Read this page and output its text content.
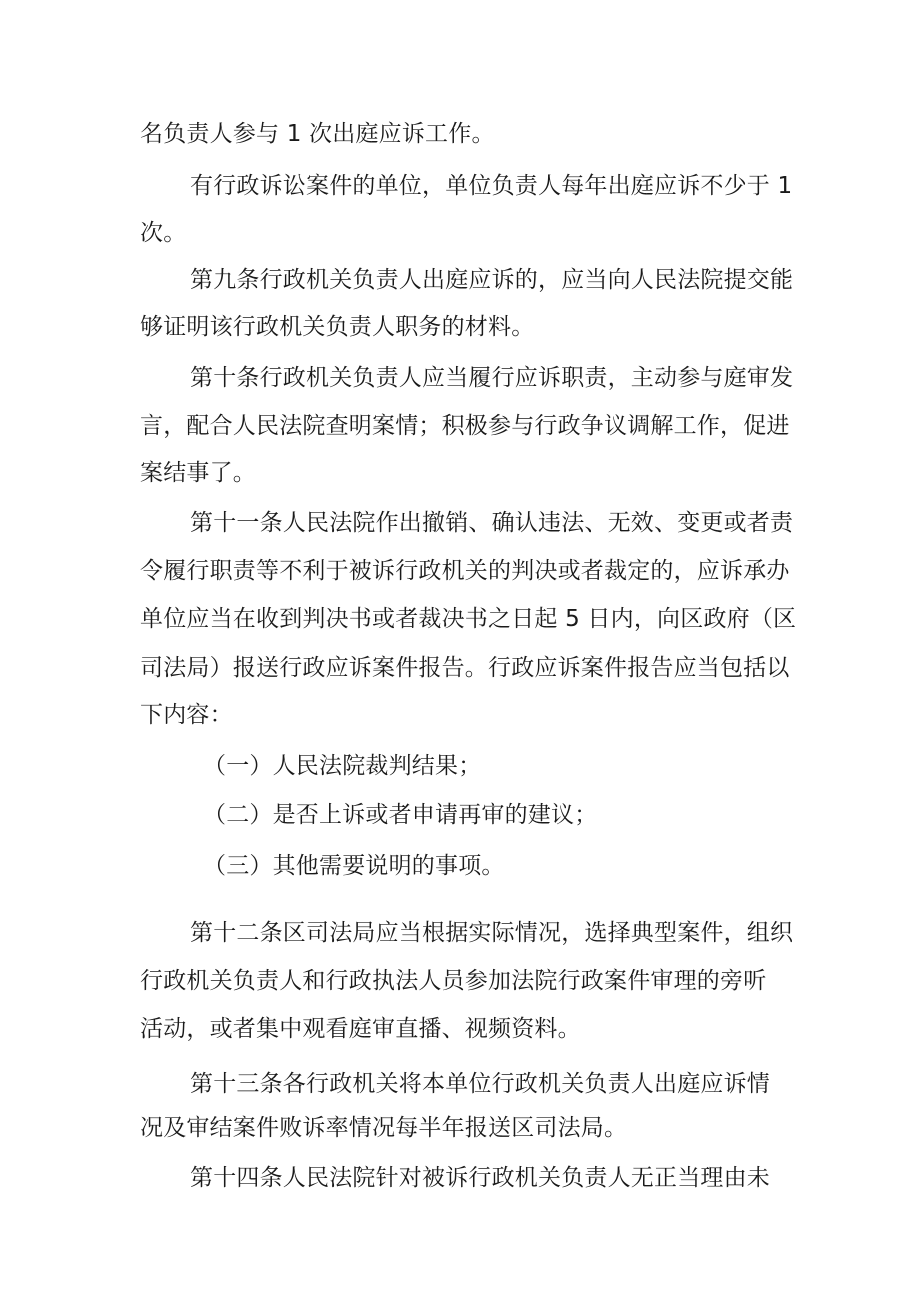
名负责人参与 1 次出庭应诉工作。
有行政诉讼案件的单位，单位负责人每年出庭应诉不少于 1
次。
第九条行政机关负责人出庭应诉的，应当向人民法院提交能
够证明该行政机关负责人职务的材料。
第十条行政机关负责人应当履行应诉职责，主动参与庭审发
言，配合人民法院查明案情；积极参与行政争议调解工作，促进
案结事了。
第十一条人民法院作出撤销、确认违法、无效、变更或者责
令履行职责等不利于被诉行政机关的判决或者裁定的，应诉承办
单位应当在收到判决书或者裁决书之日起 5 日内，向区政府（区
司法局）报送行政应诉案件报告。行政应诉案件报告应当包括以
下内容：
（一）人民法院裁判结果；
（二）是否上诉或者申请再审的建议；
（三）其他需要说明的事项。
第十二条区司法局应当根据实际情况，选择典型案件，组织
行政机关负责人和行政执法人员参加法院行政案件审理的旁听
活动，或者集中观看庭审直播、视频资料。
第十三条各行政机关将本单位行政机关负责人出庭应诉情
况及审结案件败诉率情况每半年报送区司法局。
第十四条人民法院针对被诉行政机关负责人无正当理由未
